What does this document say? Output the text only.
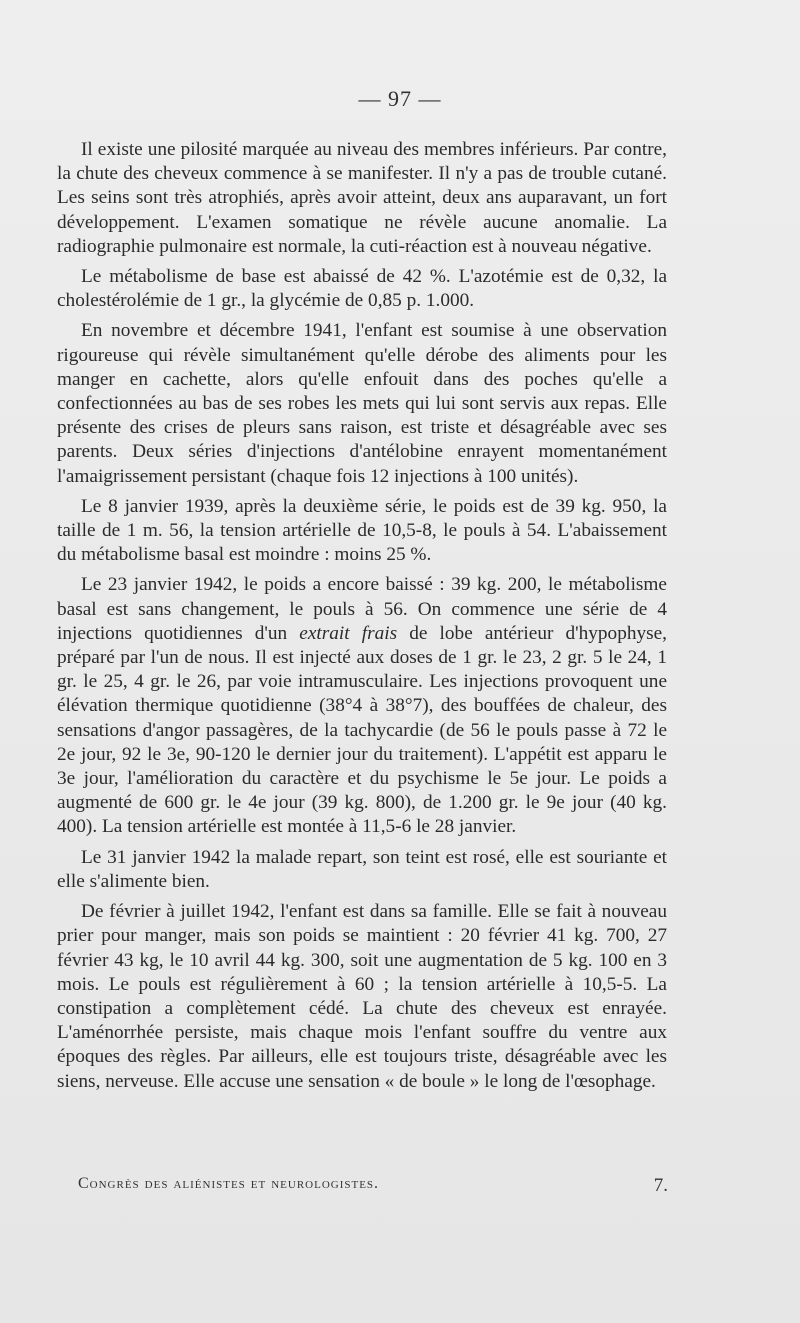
— 97 —

Il existe une pilosité marquée au niveau des membres inférieurs. Par contre, la chute des cheveux commence à se manifester. Il n'y a pas de trouble cutané. Les seins sont très atrophiés, après avoir atteint, deux ans auparavant, un fort développement. L'examen somatique ne révèle aucune anomalie. La radiographie pulmonaire est normale, la cuti-réaction est à nouveau négative.

Le métabolisme de base est abaissé de 42 %. L'azotémie est de 0,32, la cholestérolémie de 1 gr., la glycémie de 0,85 p. 1.000.

En novembre et décembre 1941, l'enfant est soumise à une observation rigoureuse qui révèle simultanément qu'elle dérobe des aliments pour les manger en cachette, alors qu'elle enfouit dans des poches qu'elle a confectionnées au bas de ses robes les mets qui lui sont servis aux repas. Elle présente des crises de pleurs sans raison, est triste et désagréable avec ses parents. Deux séries d'injections d'antélobine enrayent momentanément l'amaigrissement persistant (chaque fois 12 injections à 100 unités).

Le 8 janvier 1939, après la deuxième série, le poids est de 39 kg. 950, la taille de 1 m. 56, la tension artérielle de 10,5-8, le pouls à 54. L'abaissement du métabolisme basal est moindre : moins 25 %.

Le 23 janvier 1942, le poids a encore baissé : 39 kg. 200, le métabolisme basal est sans changement, le pouls à 56. On commence une série de 4 injections quotidiennes d'un extrait frais de lobe antérieur d'hypophyse, préparé par l'un de nous. Il est injecté aux doses de 1 gr. le 23, 2 gr. 5 le 24, 1 gr. le 25, 4 gr. le 26, par voie intramusculaire. Les injections provoquent une élévation thermique quotidienne (38°4 à 38°7), des bouffées de chaleur, des sensations d'angor passagères, de la tachycardie (de 56 le pouls passe à 72 le 2e jour, 92 le 3e, 90-120 le dernier jour du traitement). L'appétit est apparu le 3e jour, l'amélioration du caractère et du psychisme le 5e jour. Le poids a augmenté de 600 gr. le 4e jour (39 kg. 800), de 1.200 gr. le 9e jour (40 kg. 400). La tension artérielle est montée à 11,5-6 le 28 janvier.

Le 31 janvier 1942 la malade repart, son teint est rosé, elle est souriante et elle s'alimente bien.

De février à juillet 1942, l'enfant est dans sa famille. Elle se fait à nouveau prier pour manger, mais son poids se maintient : 20 février 41 kg. 700, 27 février 43 kg, le 10 avril 44 kg. 300, soit une augmentation de 5 kg. 100 en 3 mois. Le pouls est régulièrement à 60 ; la tension artérielle à 10,5-5. La constipation a complètement cédé. La chute des cheveux est enrayée. L'aménorrhée persiste, mais chaque mois l'enfant souffre du ventre aux époques des règles. Par ailleurs, elle est toujours triste, désagréable avec les siens, nerveuse. Elle accuse une sensation « de boule » le long de l'œsophage.

Congrès des aliénistes et neurologistes.	7.
